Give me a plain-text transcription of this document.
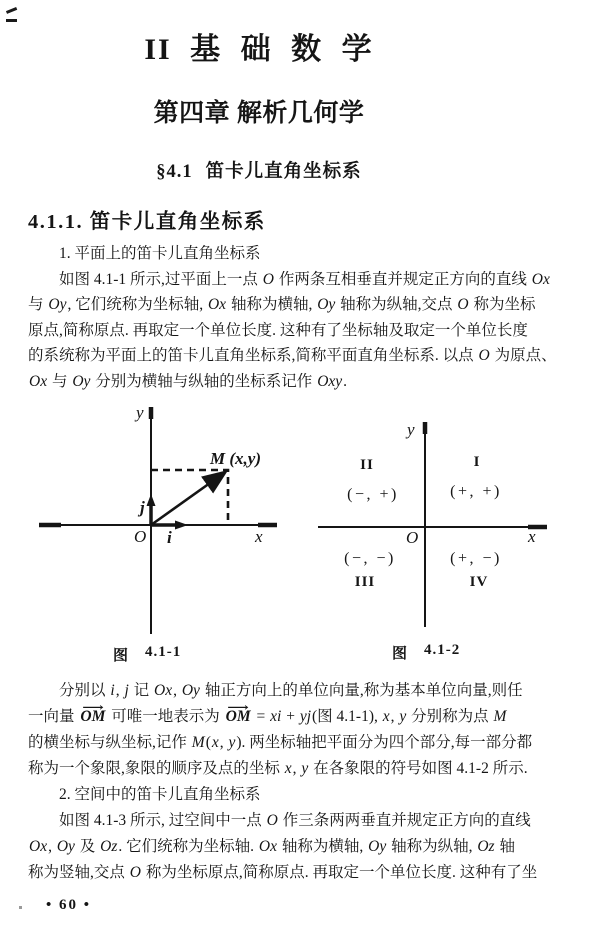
II 基 础 数 学
第四章 解析几何学
§4.1 笛卡儿直角坐标系
4.1.1. 笛卡儿直角坐标系
1. 平面上的笛卡儿直角坐标系
如图 4.1-1 所示,过平面上一点 O 作两条互相垂直并规定正方向的直线 Ox
与 Oy, 它们统称为坐标轴, Ox 轴称为横轴, Oy 轴称为纵轴,交点 O 称为坐标
原点,简称原点. 再取定一个单位长度. 这种有了坐标轴及取定一个单位长度
的系统称为平面上的笛卡儿直角坐标系,简称平面直角坐标系. 以点 O 为原点、
Ox 与 Oy 分别为横轴与纵轴的坐标系记作 Oxy.
y
x
O i
j
M (x,y)
图 4.1-1
y
x
O
II	I
(−, +)	(+, +)
(−, −)	(+, −)
III	IV
图 4.1-2
分别以 i, j 记 Ox, Oy 轴正方向上的单位向量,称为基本单位向量,则任
一向量 ⟶ OM 可唯一地表示为 ⟶ OM = xi + yj(图 4.1-1), x, y 分别称为点 M
的横坐标与纵坐标,记作 M(x, y). 两坐标轴把平面分为四个部分,每一部分都
称为一个象限,象限的顺序及点的坐标 x, y 在各象限的符号如图 4.1-2 所示.
2. 空间中的笛卡儿直角坐标系
如图 4.1-3 所示, 过空间中一点 O 作三条两两垂直并规定正方向的直线
Ox, Oy 及 Oz. 它们统称为坐标轴. Ox 轴称为横轴, Oy 轴称为纵轴, Oz 轴
称为竖轴,交点 O 称为坐标原点,简称原点. 再取定一个单位长度. 这种有了坐
• 60 •
